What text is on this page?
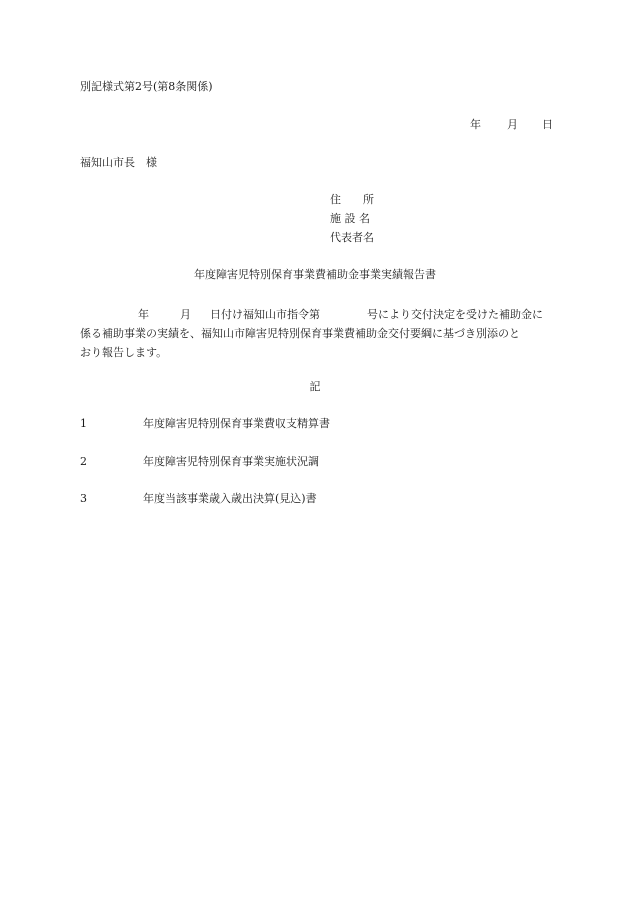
別記様式第2号(第8条関係)
年 月 日
福知山市長　様
住　　所
施 設 名
代表者名
年度障害児特別保育事業費補助金事業実績報告書
年	月 日付け福知山市指令第	号により交付決定を受けた補助金に
係る補助事業の実績を、福知山市障害児特別保育事業費補助金交付要綱に基づき別添のと
おり報告します。
記
1	年度障害児特別保育事業費収支精算書
2	年度障害児特別保育事業実施状況調
3	年度当該事業歳入歳出決算(見込)書
